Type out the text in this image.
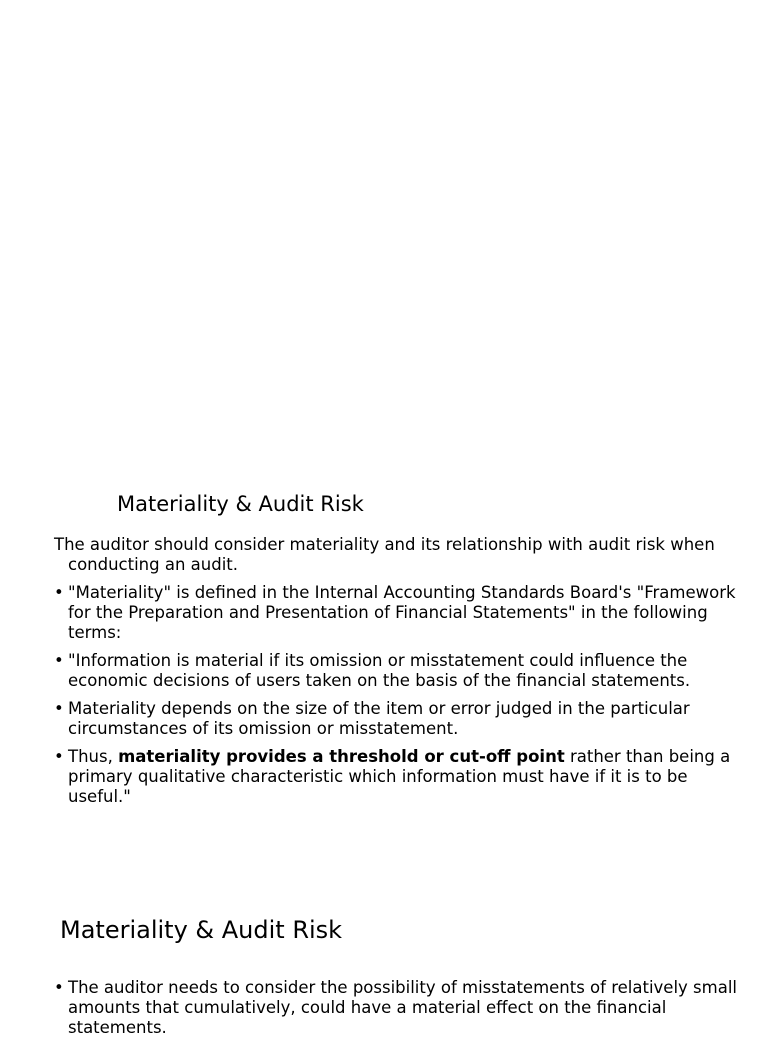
Materiality & Audit Risk

The auditor should consider materiality and its relationship with audit risk when conducting an audit.

• "Materiality" is defined in the Internal Accounting Standards Board's "Framework for the Preparation and Presentation of Financial Statements" in the following terms:
• "Information is material if its omission or misstatement could influence the economic decisions of users taken on the basis of the financial statements.
• Materiality depends on the size of the item or error judged in the particular circumstances of its omission or misstatement.
• Thus, materiality provides a threshold or cut-off point rather than being a primary qualitative characteristic which information must have if it is to be useful."
Materiality & Audit Risk
• The auditor needs to consider the possibility of misstatements of relatively small amounts that cumulatively, could have a material effect on the financial statements.
